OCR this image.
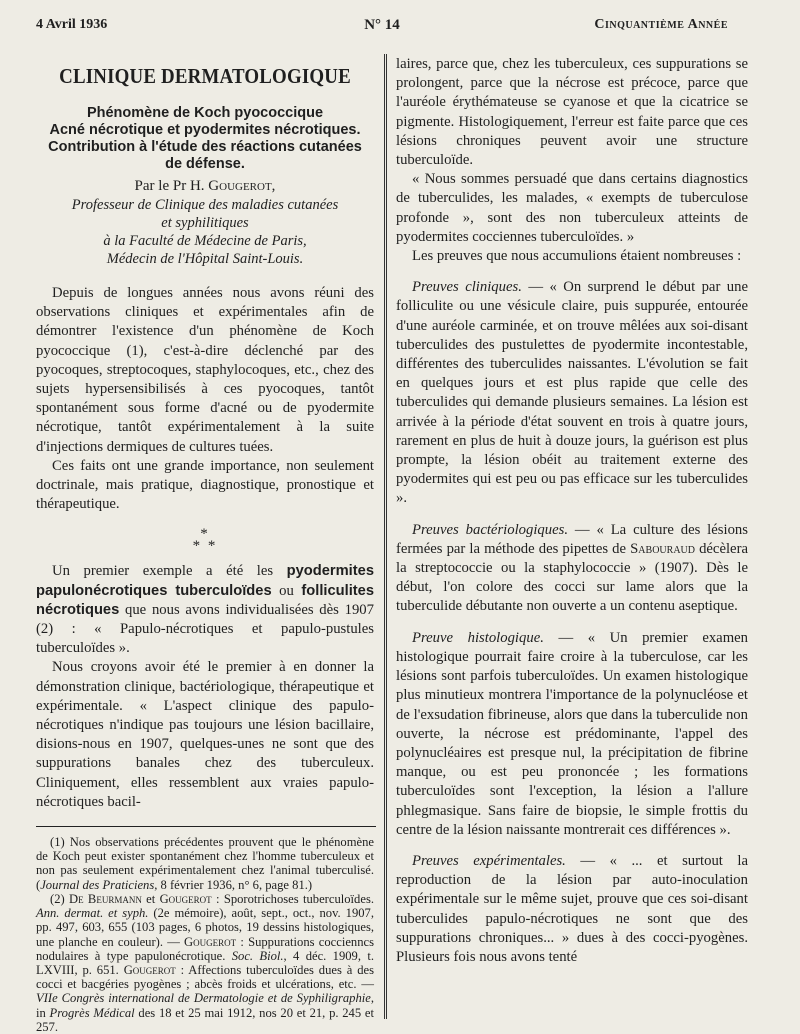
4 Avril 1936	N° 14	Cinquantième Année
CLINIQUE DERMATOLOGIQUE
Phénomène de Koch pyococcique
Acné nécrotique et pyodermites nécrotiques.
Contribution à l'étude des réactions cutanées
de défense.
Par le Pr H. Gougerot,
Professeur de Clinique des maladies cutanées
et syphilitiques
à la Faculté de Médecine de Paris,
Médecin de l'Hôpital Saint-Louis.

Depuis de longues années nous avons réuni des observations cliniques et expérimentales afin de démontrer l'existence d'un phénomène de Koch pyococcique (1), c'est-à-dire déclenché par des pyocoques, streptocoques, staphylocoques, etc., chez des sujets hypersensibilisés à ces pyocoques, tantôt spontanément sous forme d'acné ou de pyodermite nécrotique, tantôt expérimentalement à la suite d'injections dermiques de cultures tuées.

Ces faits ont une grande importance, non seulement doctrinale, mais pratique, diagnostique, pronostique et thérapeutique.

*
* *

Un premier exemple a été les pyodermites papulonécrotiques tuberculoïdes ou folliculites nécrotiques que nous avons individualisées dès 1907 (2) : « Papulo-nécrotiques et papulo-pustules tuberculoïdes ».

Nous croyons avoir été le premier à en donner la démonstration clinique, bactériologique, thérapeutique et expérimentale. « L'aspect clinique des papulo-nécrotiques n'indique pas toujours une lésion bacillaire, disions-nous en 1907, quelques-unes ne sont que des suppurations banales chez des tuberculeux. Cliniquement, elles ressemblent aux vraies papulo-nécrotiques bacil-

(1) Nos observations précédentes prouvent que le phénomène de Koch peut exister spontanément chez l'homme tuberculeux et non pas seulement expérimentalement chez l'animal tuberculisé. (Journal des Praticiens, 8 février 1936, n° 6, page 81.)

(2) De Beurmann et Gougerot : Sporotrichoses tuberculoïdes. Ann. dermat. et syph. (2e mémoire), août, sept., oct., nov. 1907, pp. 497, 603, 655 (103 pages, 6 photos, 19 dessins histologiques, une planche en couleur). — Gougerot : Suppurations coccienncs nodulaires à type papulonécrotique. Soc. Biol., 4 déc. 1909, t. LXVIII, p. 651. Gougerot : Affections tuberculoïdes dues à des cocci et bacgéries pyogènes ; abcès froids et ulcérations, etc. — VIIe Congrès international de Dermatologie et de Syphiligraphie, in Progrès Médical des 18 et 25 mai 1912, nos 20 et 21, p. 245 et 257.

laires, parce que, chez les tuberculeux, ces suppurations se prolongent, parce que la nécrose est précoce, parce que l'auréole érythémateuse se cyanose et que la cicatrice se pigmente. Histologiquement, l'erreur est faite parce que ces lésions chroniques peuvent avoir une structure tuberculoïde.

« Nous sommes persuadé que dans certains diagnostics de tuberculides, les malades, « exempts de tuberculose profonde », sont des non tuberculeux atteints de pyodermites cocciennes tuberculoïdes. »

Les preuves que nous accumulions étaient nombreuses :

Preuves cliniques. — « On surprend le début par une folliculite ou une vésicule claire, puis suppurée, entourée d'une auréole carminée, et on trouve mêlées aux soi-disant tuberculides des pustulettes de pyodermite incontestable, différentes des tuberculides naissantes. L'évolution se fait en quelques jours et est plus rapide que celle des tuberculides qui demande plusieurs semaines. La lésion est arrivée à la période d'état souvent en trois à quatre jours, rarement en plus de huit à douze jours, la guérison est plus prompte, la lésion obéit au traitement externe des pyodermites qui est peu ou pas efficace sur les tuberculides ».

Preuves bactériologiques. — « La culture des lésions fermées par la méthode des pipettes de Sabouraud décèlera la streptococcie ou la staphylococcie » (1907). Dès le début, l'on colore des cocci sur lame alors que la tuberculide débutante non ouverte a un contenu aseptique.

Preuve histologique. — « Un premier examen histologique pourrait faire croire à la tuberculose, car les lésions sont parfois tuberculoïdes. Un examen histologique plus minutieux montrera l'importance de la polynucléose et de l'exsudation fibrineuse, alors que dans la tuberculide non ouverte, la nécrose est prédominante, l'appel des polynucléaires est presque nul, la précipitation de fibrine manque, ou est peu prononcée ; les formations tuberculoïdes sont l'exception, la lésion a l'allure phlegmasique. Sans faire de biopsie, le simple frottis du centre de la lésion naissante montrerait ces différences ».

Preuves expérimentales. — « ... et surtout la reproduction de la lésion par auto-inoculation expérimentale sur le même sujet, prouve que ces soi-disant tuberculides papulo-nécrotiques ne sont que des suppurations chroniques... » dues à des cocci-pyogènes. Plusieurs fois nous avons tenté
